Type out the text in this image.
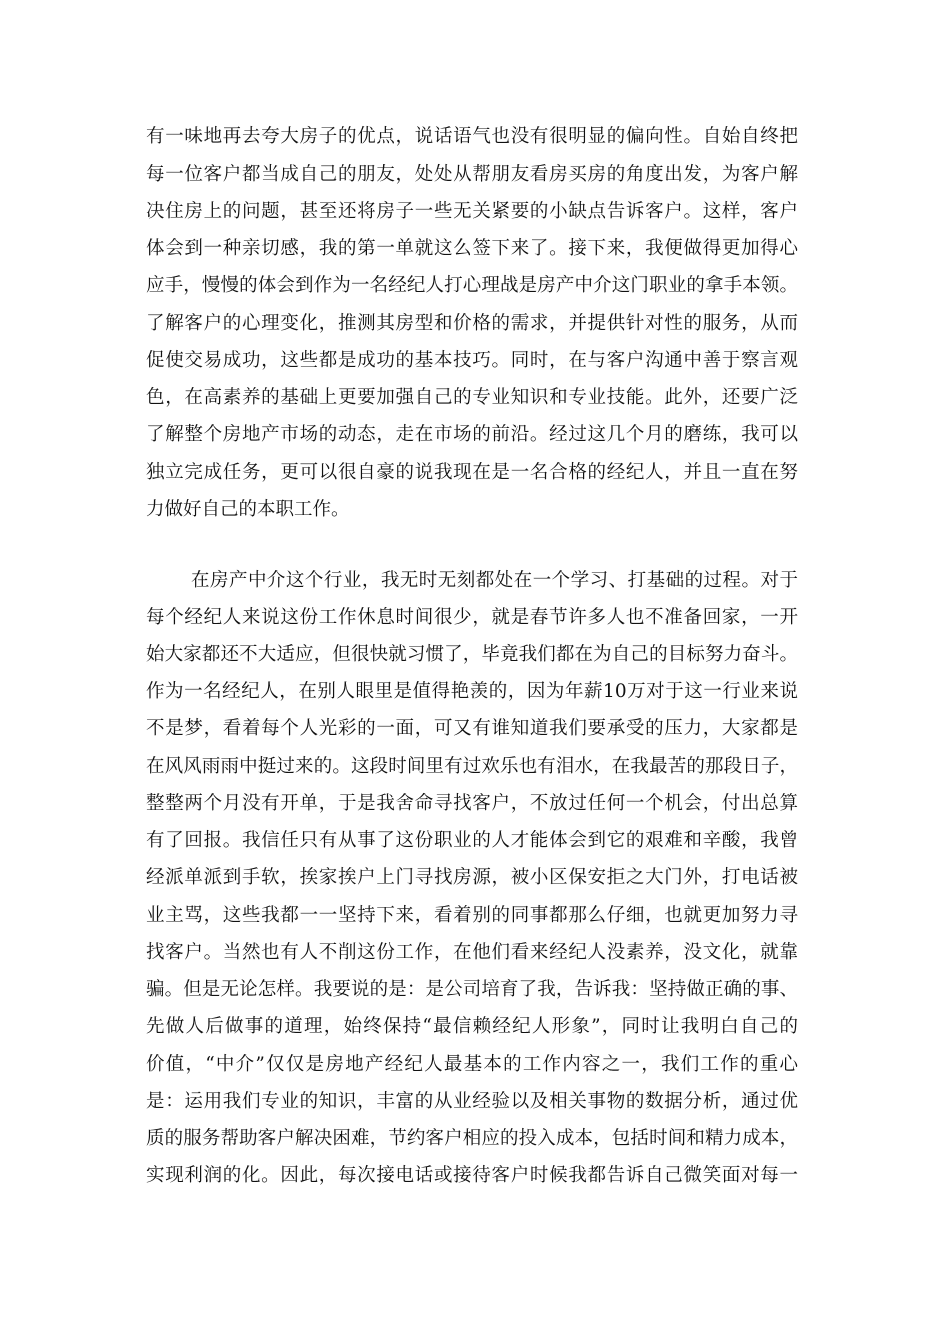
有一味地再去夸大房子的优点，说话语气也没有很明显的偏向性。自始自终把

每一位客户都当成自己的朋友，处处从帮朋友看房买房的角度出发，为客户解

决住房上的问题，甚至还将房子一些无关紧要的小缺点告诉客户。这样，客户

体会到一种亲切感，我的第一单就这么签下来了。接下来，我便做得更加得心

应手，慢慢的体会到作为一名经纪人打心理战是房产中介这门职业的拿手本领。

了解客户的心理变化，推测其房型和价格的需求，并提供针对性的服务，从而

促使交易成功，这些都是成功的基本技巧。同时，在与客户沟通中善于察言观

色，在高素养的基础上更要加强自己的专业知识和专业技能。此外，还要广泛

了解整个房地产市场的动态，走在市场的前沿。经过这几个月的磨练，我可以

独立完成任务，更可以很自豪的说我现在是一名合格的经纪人，并且一直在努

力做好自己的本职工作。

在房产中介这个行业，我无时无刻都处在一个学习、打基础的过程。对于

每个经纪人来说这份工作休息时间很少，就是春节许多人也不准备回家，一开

始大家都还不大适应，但很快就习惯了，毕竟我们都在为自己的目标努力奋斗。

作为一名经纪人，在别人眼里是值得艳羡的，因为年薪10万对于这一行业来说

不是梦，看着每个人光彩的一面，可又有谁知道我们要承受的压力，大家都是

在风风雨雨中挺过来的。这段时间里有过欢乐也有泪水，在我最苦的那段日子，

整整两个月没有开单，于是我舍命寻找客户，不放过任何一个机会，付出总算

有了回报。我信任只有从事了这份职业的人才能体会到它的艰难和辛酸，我曾

经派单派到手软，挨家挨户上门寻找房源，被小区保安拒之大门外，打电话被

业主骂，这些我都一一坚持下来，看着别的同事都那么仔细，也就更加努力寻

找客户。当然也有人不削这份工作，在他们看来经纪人没素养，没文化，就靠

骗。但是无论怎样。我要说的是：是公司培育了我，告诉我：坚持做正确的事、

先做人后做事的道理，始终保持“最信赖经纪人形象”，同时让我明白自己的

价值，“中介”仅仅是房地产经纪人最基本的工作内容之一，我们工作的重心

是：运用我们专业的知识，丰富的从业经验以及相关事物的数据分析，通过优

质的服务帮助客户解决困难，节约客户相应的投入成本，包括时间和精力成本，

实现利润的化。因此，每次接电话或接待客户时候我都告诉自己微笑面对每一
